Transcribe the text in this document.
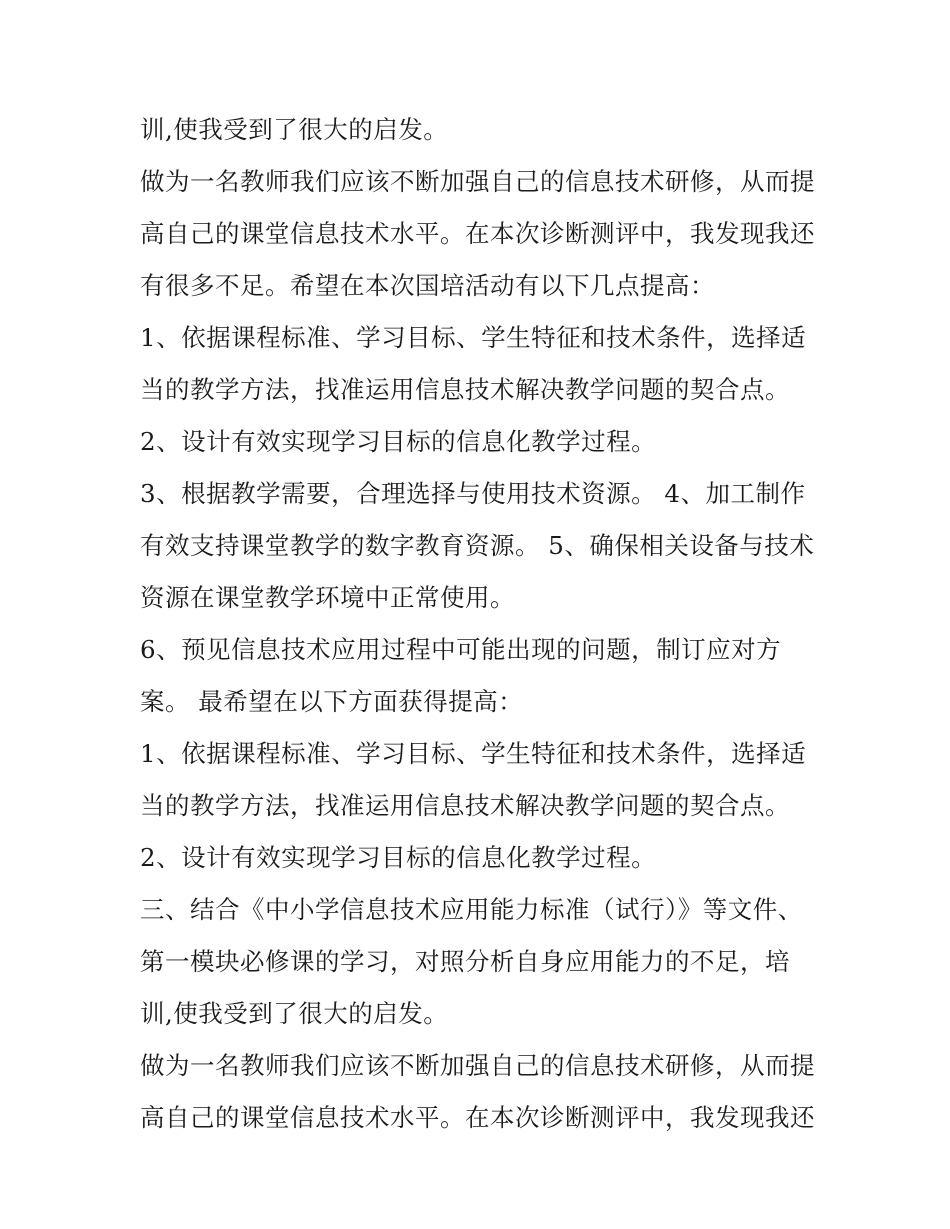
训,使我受到了很大的启发。
做为一名教师我们应该不断加强自己的信息技术研修，从而提
高自己的课堂信息技术水平。在本次诊断测评中，我发现我还
有很多不足。希望在本次国培活动有以下几点提高：
1、依据课程标准、学习目标、学生特征和技术条件，选择适
当的教学方法，找准运用信息技术解决教学问题的契合点。
2、设计有效实现学习目标的信息化教学过程。
3、根据教学需要，合理选择与使用技术资源。 4、加工制作
有效支持课堂教学的数字教育资源。 5、确保相关设备与技术
资源在课堂教学环境中正常使用。
6、预见信息技术应用过程中可能出现的问题，制订应对方
案。 最希望在以下方面获得提高：
1、依据课程标准、学习目标、学生特征和技术条件，选择适
当的教学方法，找准运用信息技术解决教学问题的契合点。
2、设计有效实现学习目标的信息化教学过程。
三、结合《中小学信息技术应用能力标准（试行）》等文件、
第一模块必修课的学习，对照分析自身应用能力的不足，培
训,使我受到了很大的启发。
做为一名教师我们应该不断加强自己的信息技术研修，从而提
高自己的课堂信息技术水平。在本次诊断测评中，我发现我还
